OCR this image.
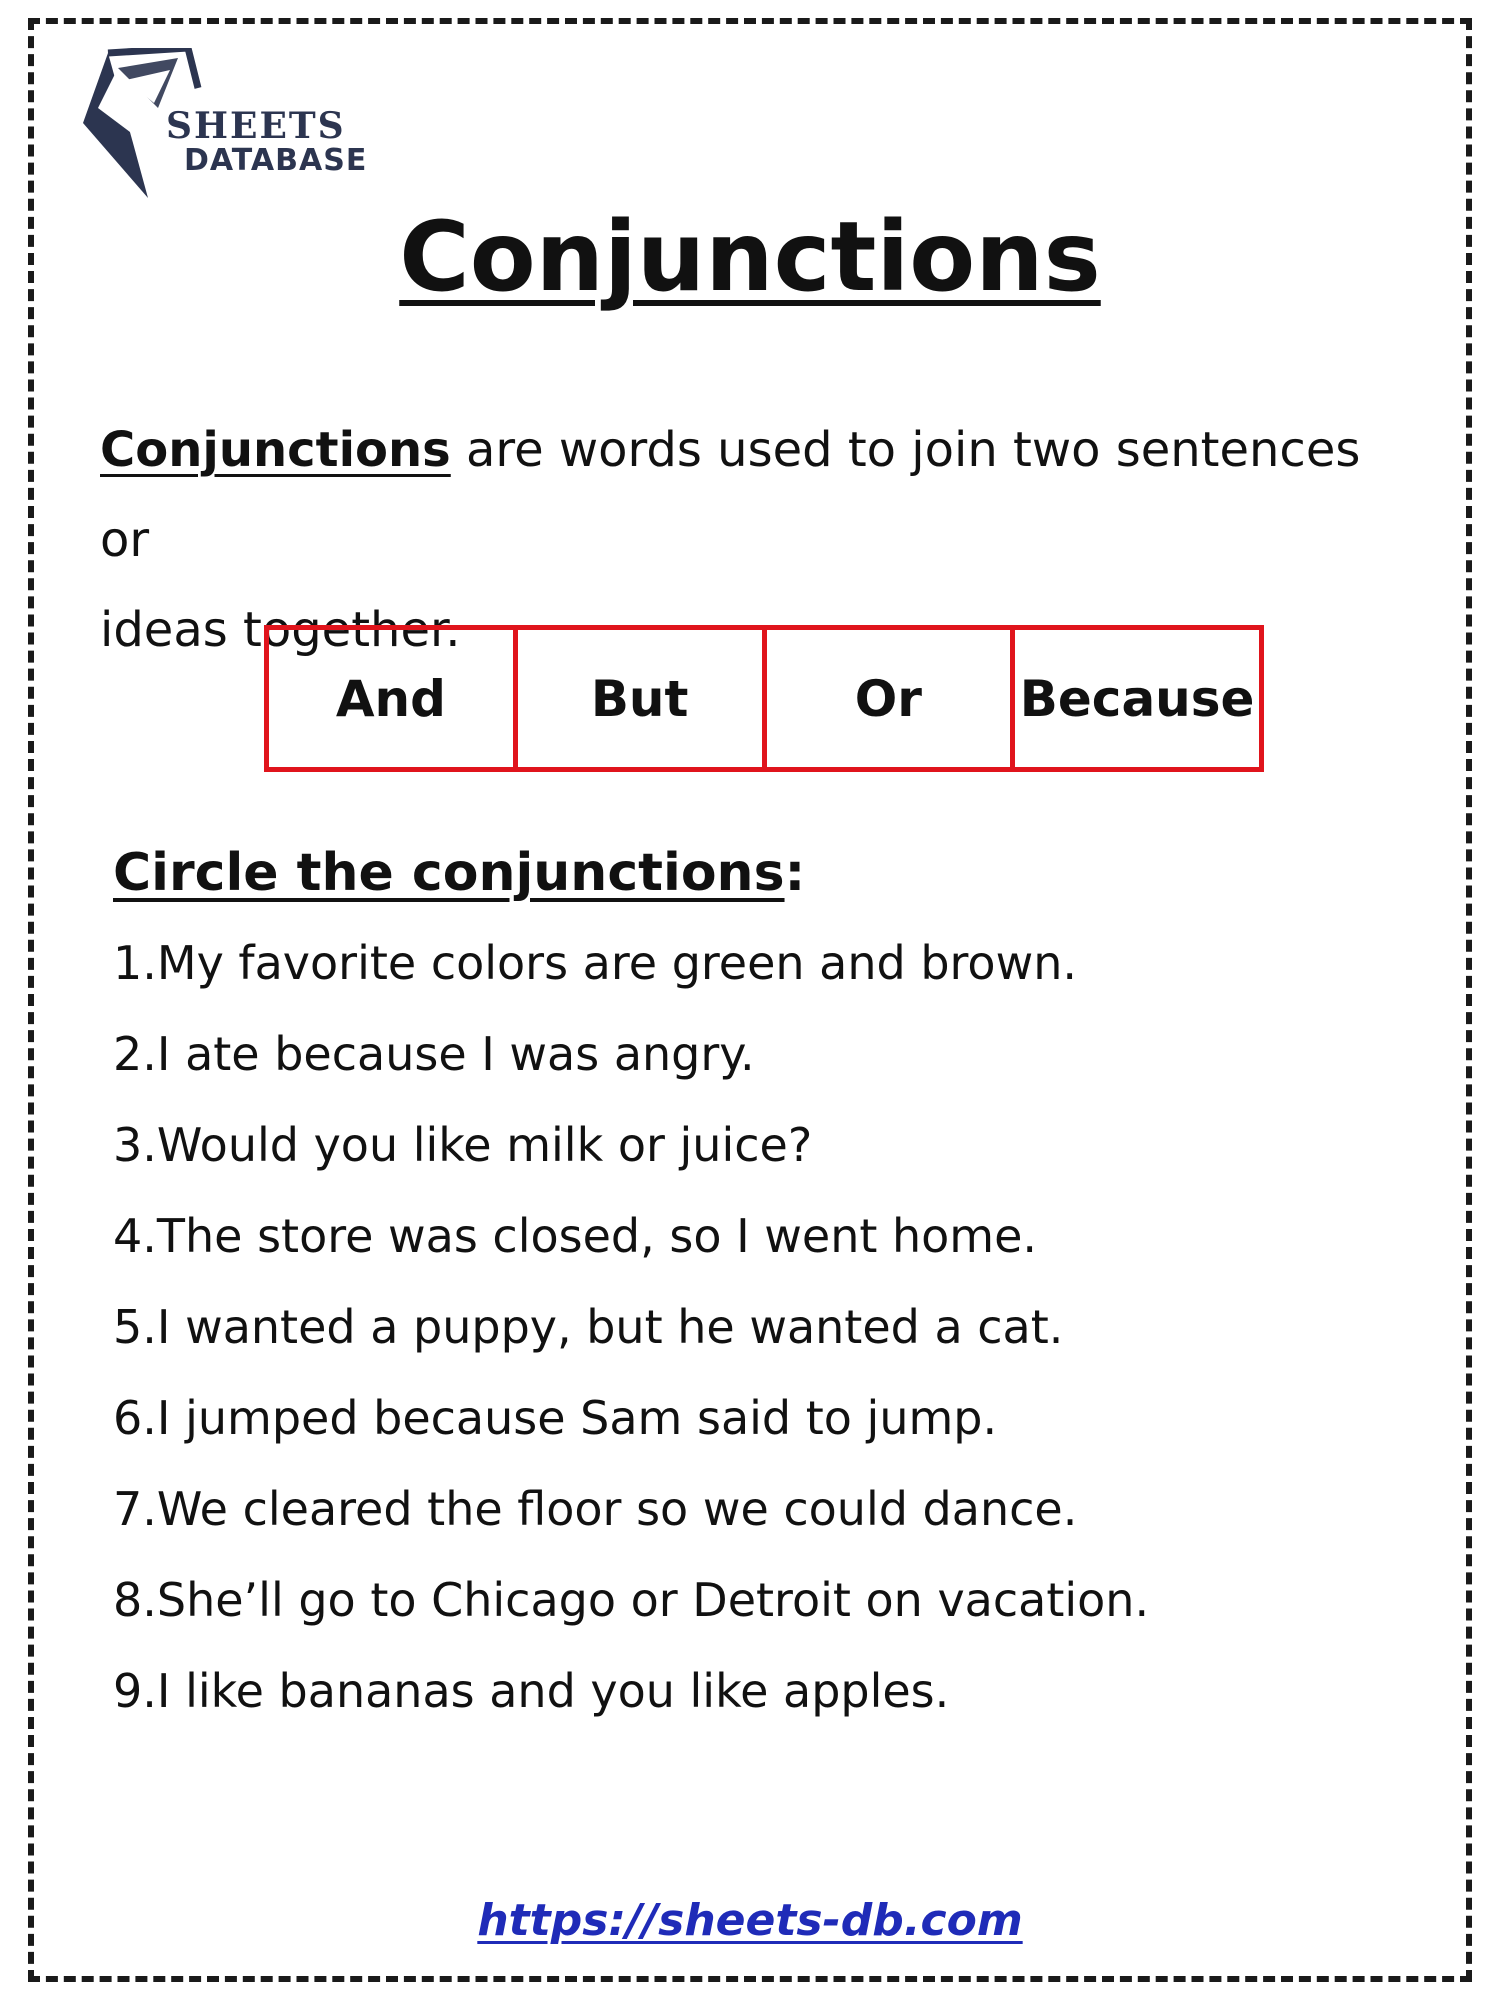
SHEETS
DATABASE
Conjunctions
Conjunctions are words used to join two sentences or
ideas together.
And	But	Or	Because
Circle the conjunctions:
1.My favorite colors are green and brown.
2.I ate because I was angry.
3.Would you like milk or juice?
4.The store was closed, so I went home.
5.I wanted a puppy, but he wanted a cat.
6.I jumped because Sam said to jump.
7.We cleared the floor so we could dance.
8.She’ll go to Chicago or Detroit on vacation.
9.I like bananas and you like apples.
https://sheets-db.com
